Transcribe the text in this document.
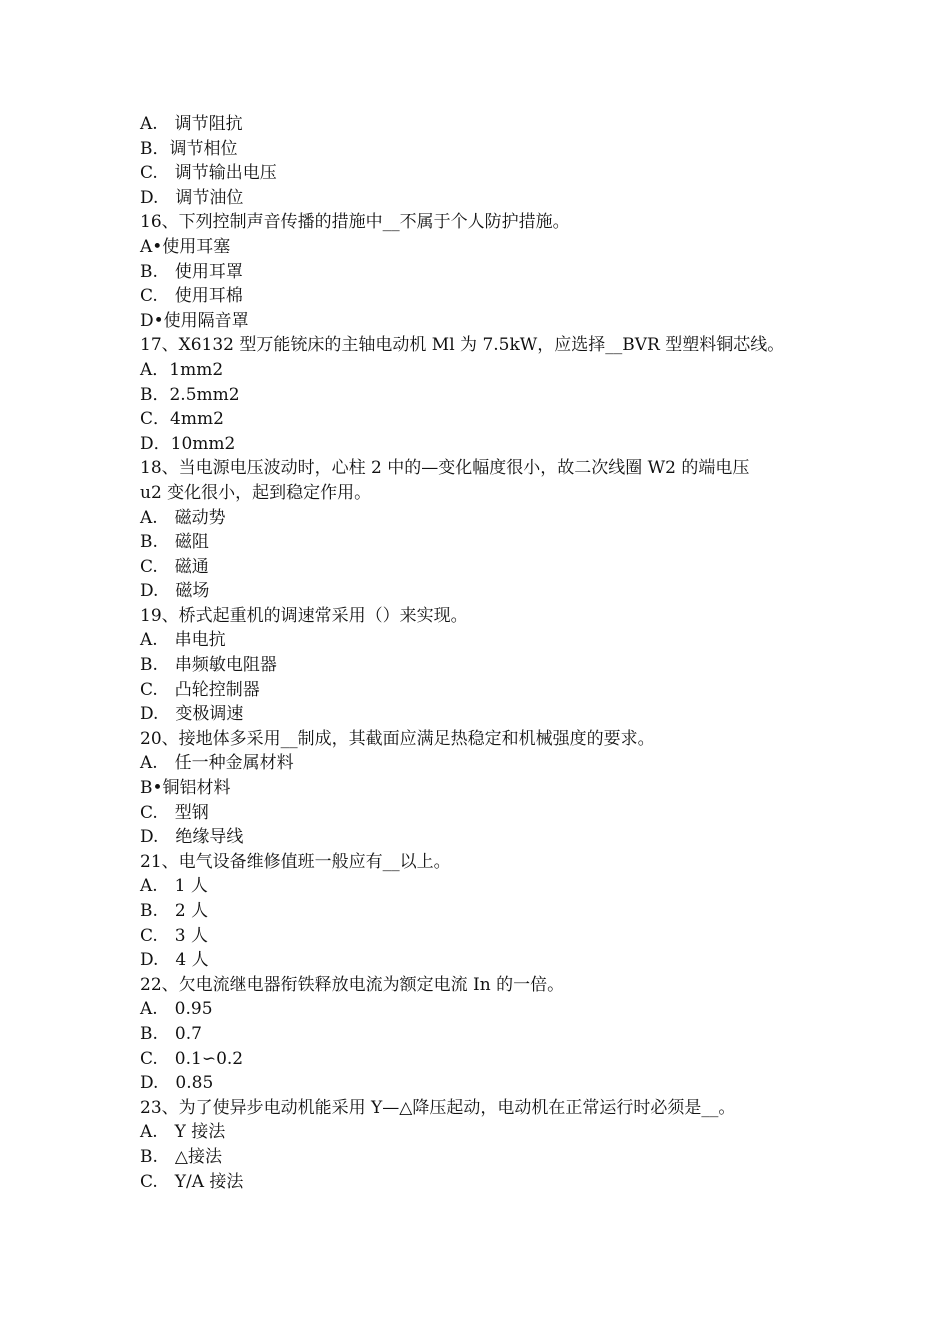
A.　调节阻抗
B．调节相位
C.　调节输出电压
D.　调节油位
16、下列控制声音传播的措施中__不属于个人防护措施。
A•使用耳塞
B.　使用耳罩
C.　使用耳棉
D•使用隔音罩
17、X6132 型万能铳床的主轴电动机 Ml 为 7.5kW，应选择__BVR 型塑料铜芯线。
A．1mm2
B．2.5mm2
C．4mm2
D．10mm2
18、当电源电压波动时，心柱 2 中的—变化幅度很小，故二次线圈 W2 的端电压
u2 变化很小，起到稳定作用。
A.　磁动势
B.　磁阻
C.　磁通
D.　磁场
19、桥式起重机的调速常采用（）来实现。
A.　串电抗
B.　串频敏电阻器
C.　凸轮控制器
D.　变极调速
20、接地体多采用__制成，其截面应满足热稳定和机械强度的要求。
A.　任一种金属材料
B•铜铝材料
C.　型钢
D.　绝缘导线
21、电气设备维修值班一般应有__以上。
A.　1 人
B.　2 人
C.　3 人
D.　4 人
22、欠电流继电器衔铁释放电流为额定电流 In 的一倍。
A.　0.95
B.　0.7
C.　0.1∽0.2
D.　0.85
23、为了使异步电动机能采用 Y—△降压起动，电动机在正常运行时必须是__。
A.　Y 接法
B.　△接法
C.　Y/A 接法
